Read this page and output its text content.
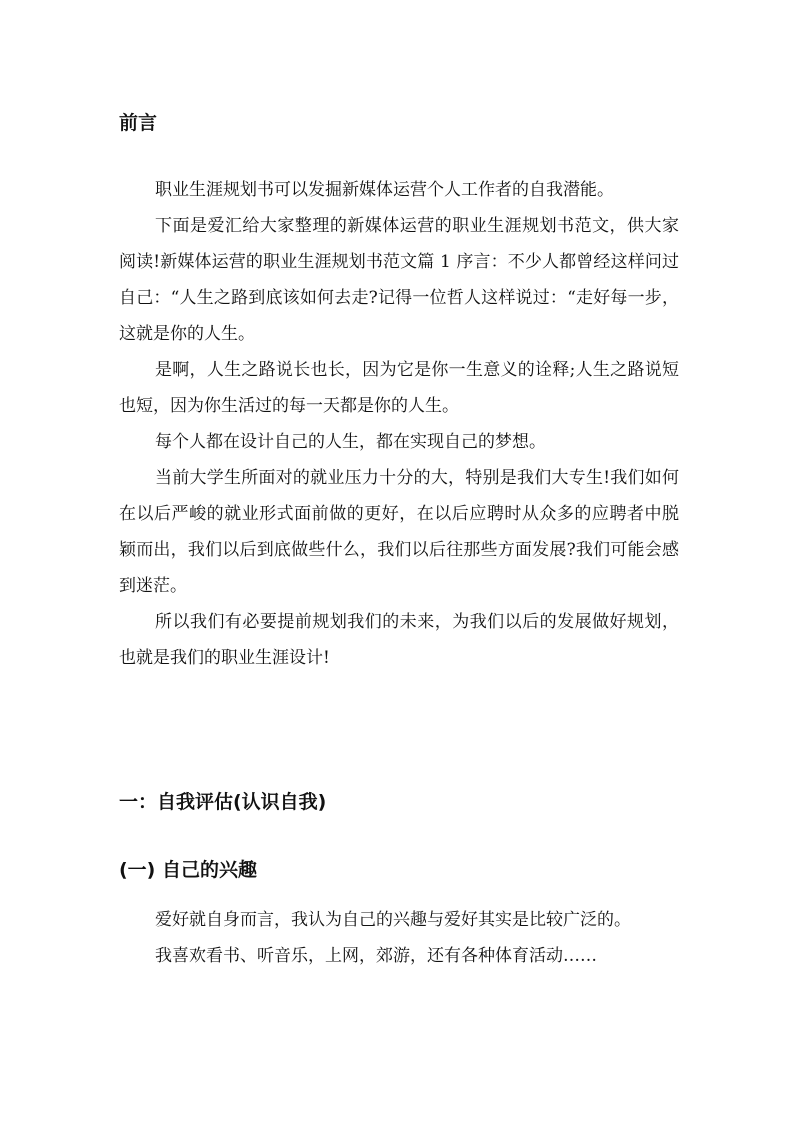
前言

职业生涯规划书可以发掘新媒体运营个人工作者的自我潜能。

下面是爱汇给大家整理的新媒体运营的职业生涯规划书范文，供大家阅读!新媒体运营的职业生涯规划书范文篇 1 序言：不少人都曾经这样问过自己：“人生之路到底该如何去走?记得一位哲人这样说过：“走好每一步，这就是你的人生。

是啊，人生之路说长也长，因为它是你一生意义的诠释;人生之路说短也短，因为你生活过的每一天都是你的人生。

每个人都在设计自己的人生，都在实现自己的梦想。

当前大学生所面对的就业压力十分的大，特别是我们大专生!我们如何在以后严峻的就业形式面前做的更好，在以后应聘时从众多的应聘者中脱颖而出，我们以后到底做些什么，我们以后往那些方面发展?我们可能会感到迷茫。

所以我们有必要提前规划我们的未来，为我们以后的发展做好规划，也就是我们的职业生涯设计!

一：自我评估(认识自我)
(一) 自己的兴趣

爱好就自身而言，我认为自己的兴趣与爱好其实是比较广泛的。

我喜欢看书、听音乐，上网，郊游，还有各种体育活动……
